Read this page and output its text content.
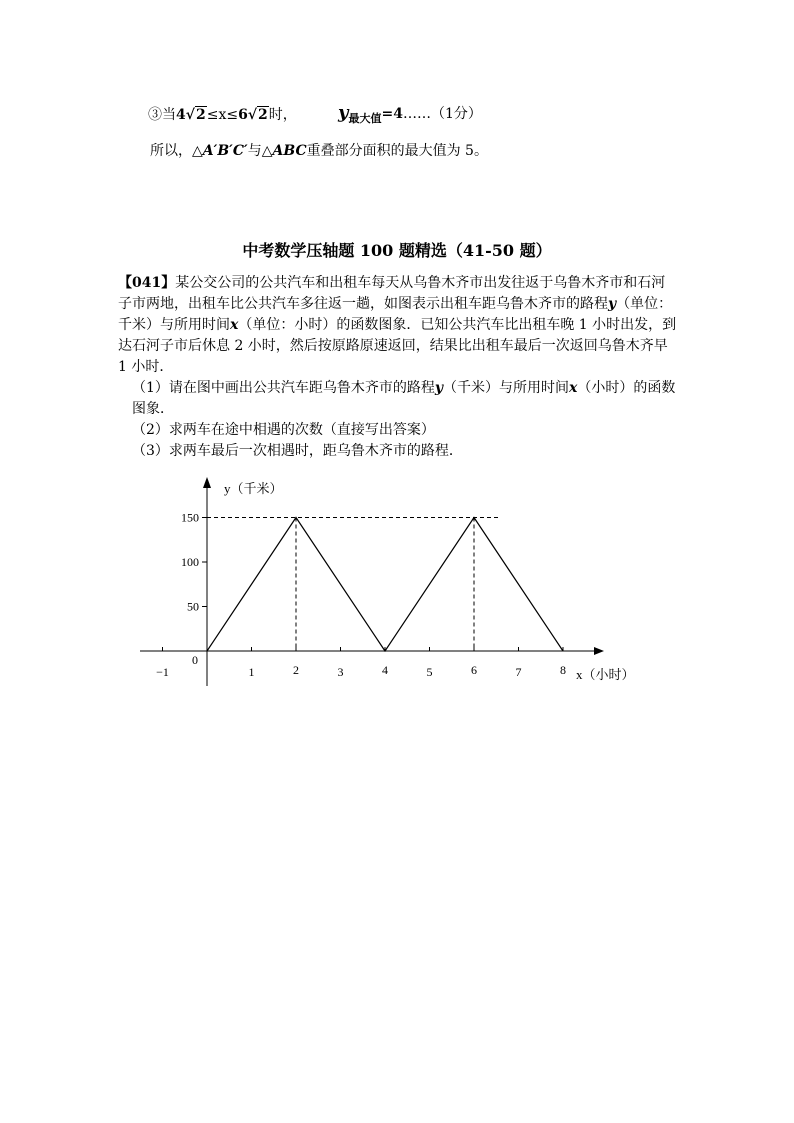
③当4√2≤x≤6√2时， $y_{最大值}=4\dots\dots(1$分）
所以，△A′B′C′与△ABC重叠部分面积的最大值为 5。
中考数学压轴题 100 题精选（41-50 题）

【041】某公交公司的公共汽车和出租车每天从乌鲁木齐市出发往返于乌鲁木齐市和石河子市两地，出租车比公共汽车多往返一趟，如图表示出租车距乌鲁木齐市的路程y（单位：千米）与所用时间x（单位：小时）的函数图象．已知公共汽车比出租车晚 1 小时出发，到达石河子市后休息 2 小时，然后按原路原速返回，结果比出租车最后一次返回乌鲁木齐早 1 小时．

（1）请在图中画出公共汽车距乌鲁木齐市的路程y（千米）与所用时间x（小时）的函数图象．

（2）求两车在途中相遇的次数（直接写出答案）

（3）求两车最后一次相遇时，距乌鲁木齐市的路程．

−1
0
1	2	3	4	5	6	7	8
50
100
150
x（小时）
y（千米）
